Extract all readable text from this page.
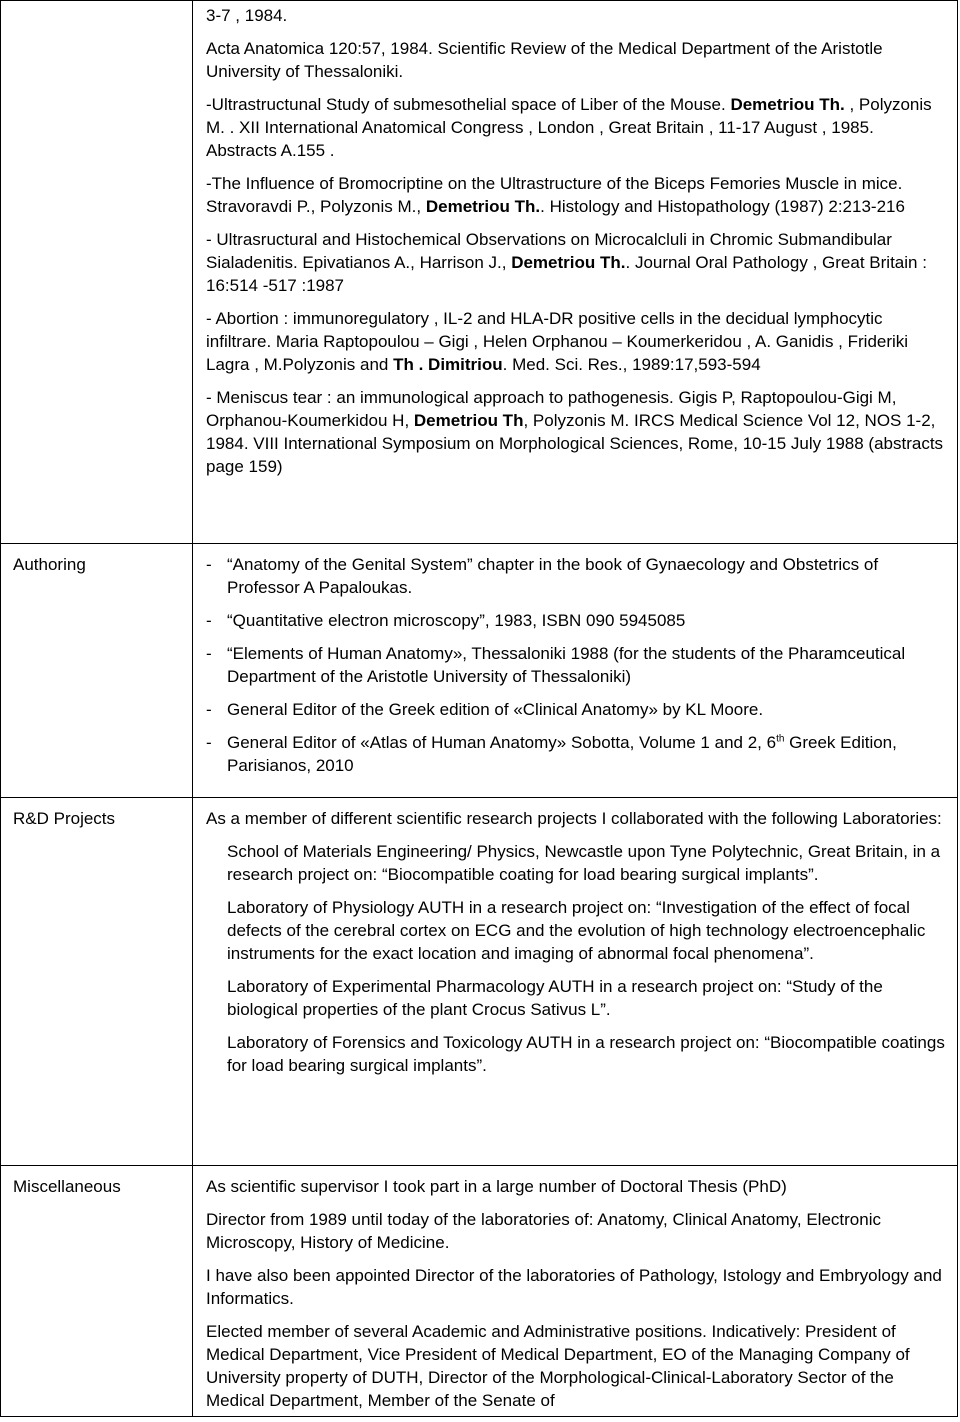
3-7 , 1984.

Acta Anatomica 120:57, 1984. Scientific Review of the Medical Department of the Aristotle University of Thessaloniki.

-Ultrastructunal Study of submesothelial space of Liber of the Mouse. Demetriou Th. , Polyzonis M. . XII International Anatomical Congress , London , Great Britain , 11-17 August , 1985. Abstracts A.155 .

-The Influence of Bromocriptine on the Ultrastructure of the Biceps Femories Muscle in mice. Stravoravdi P., Polyzonis M., Demetriou Th.. Histology and Histopathology (1987) 2:213-216

- Ultrasructural and Histochemical Observations on Microcalcluli in Chromic Submandibular Sialadenitis. Epivatianos A., Harrison J., Demetriou Th.. Journal Oral Pathology , Great Britain : 16:514 -517 :1987

- Abortion : immunoregulatory , IL-2 and HLA-DR positive cells in the decidual lymphocytic infiltrare. Maria Raptopoulou – Gigi , Helen Orphanou – Koumerkeridou , A. Ganidis , Frideriki Lagra , M.Polyzonis and Th . Dimitriou. Med. Sci. Res., 1989:17,593-594

- Meniscus tear : an immunological approach to pathogenesis. Gigis P, Raptopoulou-Gigi M, Orphanou-Koumerkidou H, Demetriou Th, Polyzonis M. IRCS Medical Science Vol 12, NOS 1-2, 1984. VIII International Symposium on Morphological Sciences, Rome, 10-15 July 1988 (abstracts page 159)

Authoring	- “Anatomy of the Genital System” chapter in the book of Gynaecology and Obstetrics of Professor A Papaloukas.
- “Quantitative electron microscopy”, 1983, ISBN 090 5945085
- “Elements of Human Anatomy», Thessaloniki 1988 (for the students of the Pharamceutical Department of the Aristotle University of Thessaloniki)
- General Editor of the Greek edition of «Clinical Anatomy» by KL Moore.
- General Editor of «Atlas of Human Anatomy» Sobotta, Volume 1 and 2, 6th Greek Edition, Parisianos, 2010
R&D Projects	As a member of different scientific research projects I collaborated with the following Laboratories:

School of Materials Engineering/ Physics, Newcastle upon Tyne Polytechnic, Great Britain, in a research project on: “Biocompatible coating for load bearing surgical implants”.
Laboratory of Physiology AUTH in a research project on: “Investigation of the effect of focal defects of the cerebral cortex on ECG and the evolution of high technology electroencephalic instruments for the exact location and imaging of abnormal focal phenomena”.
Laboratory of Experimental Pharmacology AUTH in a research project on: “Study of the biological properties of the plant Crocus Sativus L”.
Laboratory of Forensics and Toxicology AUTH in a research project on: “Biocompatible coatings for load bearing surgical implants”.
Miscellaneous	As scientific supervisor I took part in a large number of Doctoral Thesis (PhD)

Director from 1989 until today of the laboratories of: Anatomy, Clinical Anatomy, Electronic Microscopy, History of Medicine.

I have also been appointed Director of the laboratories of Pathology, Istology and Embryology and Informatics.

Elected member of several Academic and Administrative positions. Indicatively: President of Medical Department, Vice President of Medical Department, EO of the Managing Company of University property of DUTH, Director of the Morphological-Clinical-Laboratory Sector of the Medical Department, Member of the Senate of
